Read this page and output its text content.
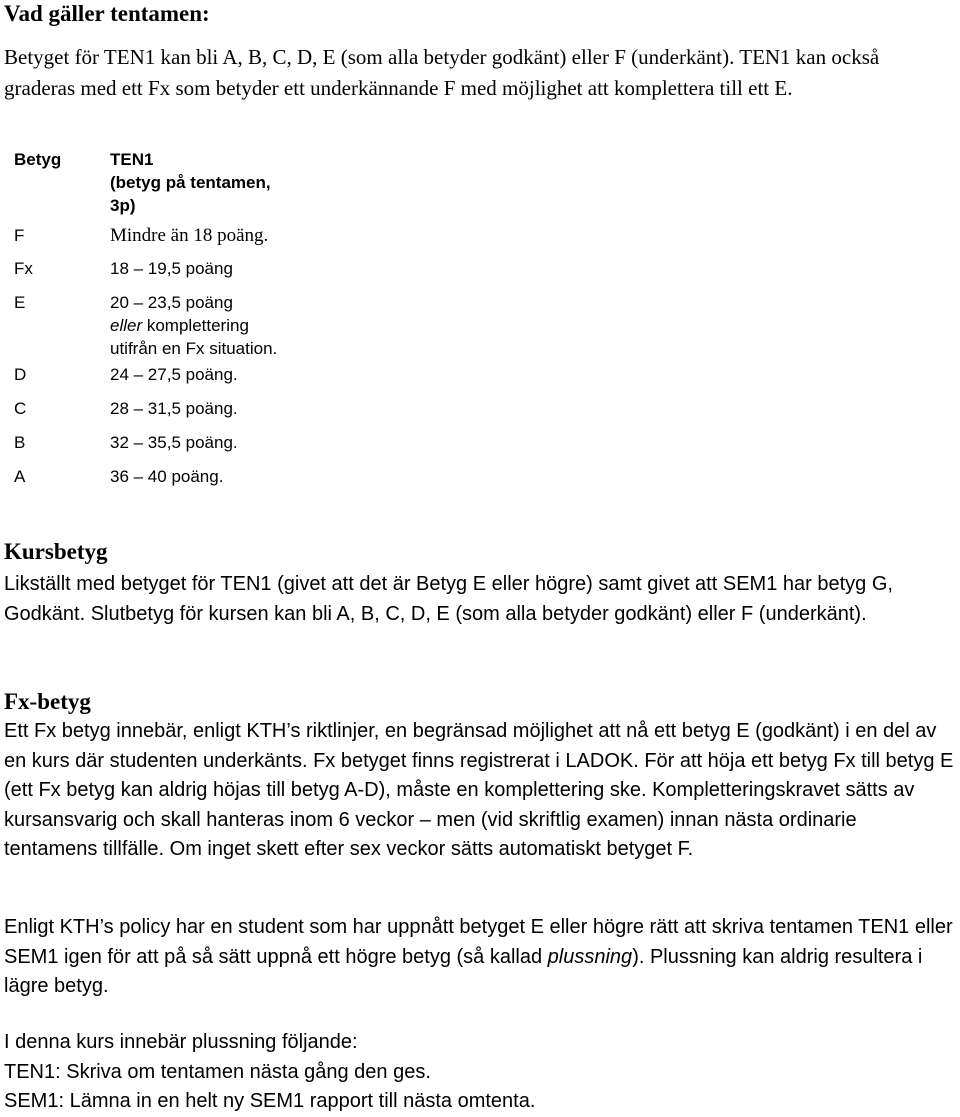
Vad gäller tentamen:

Betyget för TEN1 kan bli A, B, C, D, E (som alla betyder godkänt) eller F (underkänt). TEN1 kan också graderas med ett Fx som betyder ett underkännande F med möjlighet att komplettera till ett E.

Betyg	TEN1
(betyg på tentamen,
3p)

F	Mindre än 18 poäng.
Fx	18 – 19,5 poäng
E	20 – 23,5 poäng
eller komplettering
utifrån en Fx situation.

D	24 – 27,5 poäng.
C	28 – 31,5 poäng.
B	32 – 35,5 poäng.
A	36 – 40 poäng.
Kursbetyg

Likställt med betyget för TEN1 (givet att det är Betyg E eller högre) samt givet att SEM1 har betyg G, Godkänt. Slutbetyg för kursen kan bli A, B, C, D, E (som alla betyder godkänt) eller F (underkänt).

Fx-betyg

Ett Fx betyg innebär, enligt KTH’s riktlinjer, en begränsad möjlighet att nå ett betyg E (godkänt) i en del av en kurs där studenten underkänts. Fx betyget finns registrerat i LADOK. För att höja ett betyg Fx till betyg E (ett Fx betyg kan aldrig höjas till betyg A-D), måste en komplettering ske. Kompletteringskravet sätts av kursansvarig och skall hanteras inom 6 veckor – men (vid skriftlig examen) innan nästa ordinarie tentamens tillfälle. Om inget skett efter sex veckor sätts automatiskt betyget F.

Enligt KTH’s policy har en student som har uppnått betyget E eller högre rätt att skriva tentamen TEN1 eller SEM1 igen för att på så sätt uppnå ett högre betyg (så kallad plussning). Plussning kan aldrig resultera i lägre betyg.

I denna kurs innebär plussning följande:
TEN1: Skriva om tentamen nästa gång den ges.
SEM1: Lämna in en helt ny SEM1 rapport till nästa omtenta.
